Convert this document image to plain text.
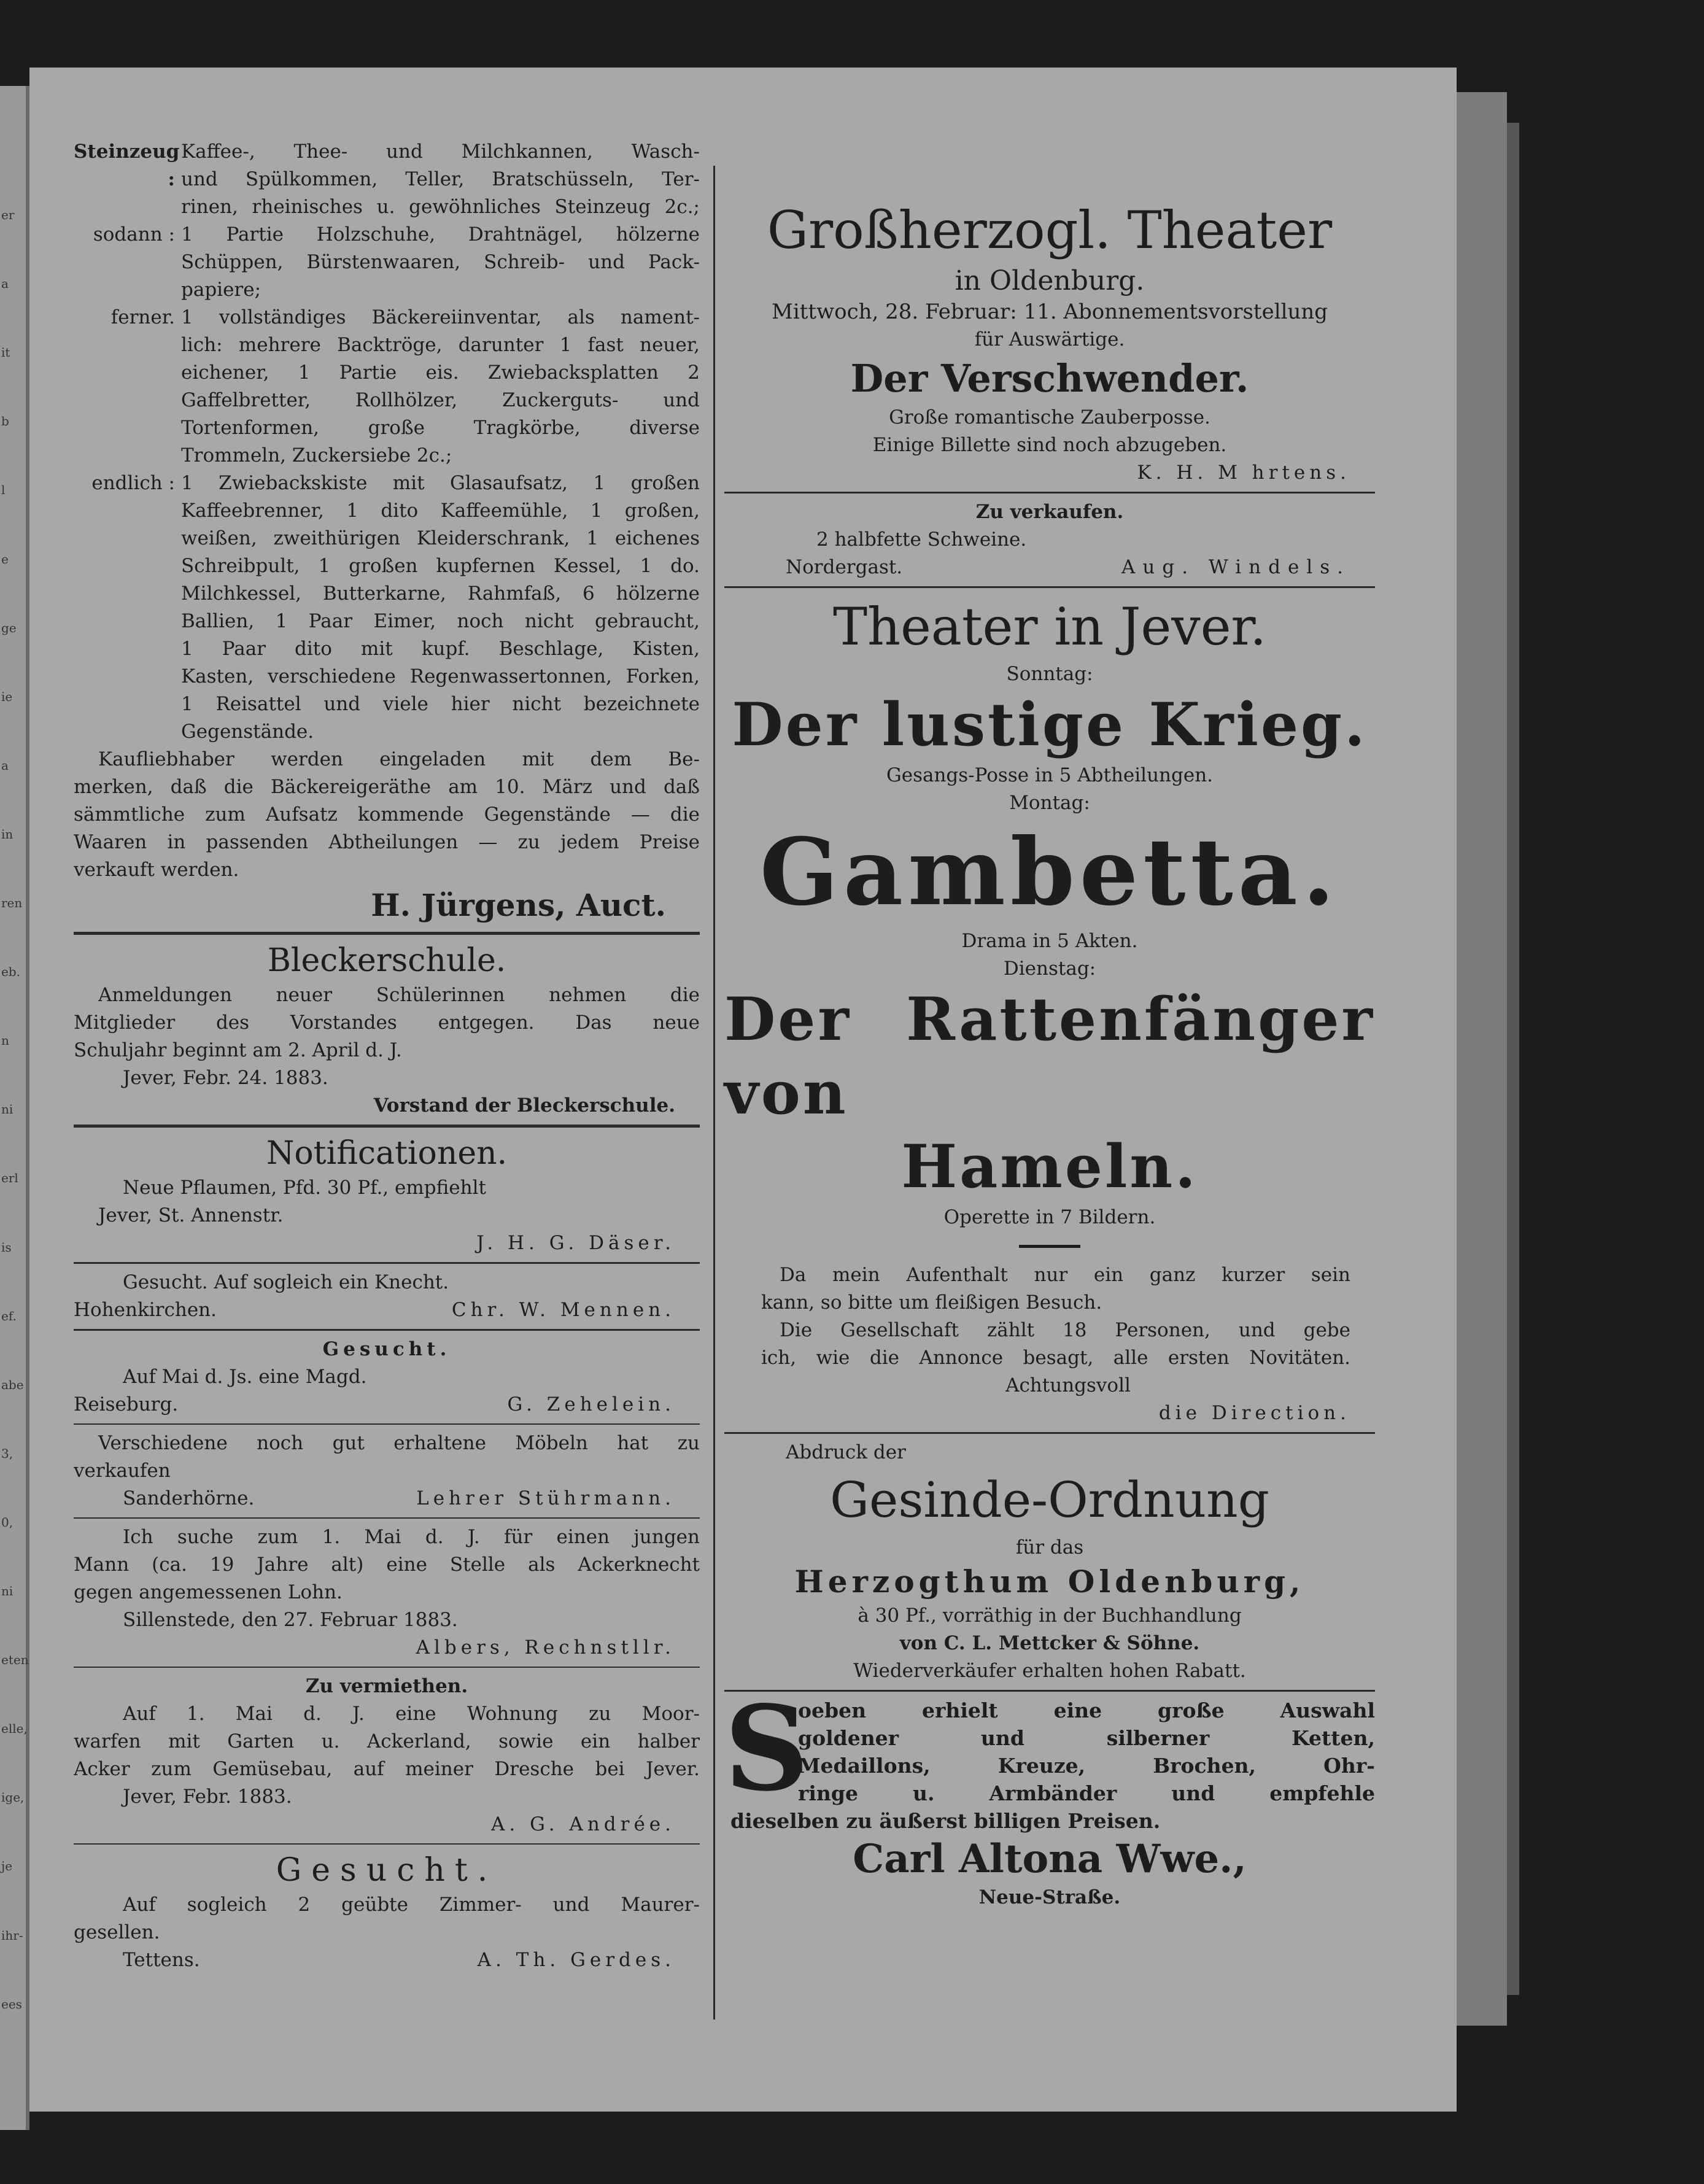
er
a
it
b
l
e
ge
ie
a
in
ren
eb.
n
ni
erl
is
ef.
abe
3,
0,
ni
eten
elle,
ige,
je
ihr-
ees
Steinzeug :
Kaffee-, Thee- und Milchkannen, Wasch-
und Spülkommen, Teller, Bratschüsseln, Ter-
rinen, rheinisches u. gewöhnliches Steinzeug 2c.;
sodann : 1 Partie Holzschuhe, Drahtnägel, hölzerne
Schüppen, Bürstenwaaren, Schreib- und Pack-
papiere;
ferner. 1 vollständiges Bäckereiinventar, als nament-
lich: mehrere Backtröge, darunter 1 fast neuer,
eichener, 1 Partie eis. Zwiebacksplatten 2
Gaffelbretter, Rollhölzer, Zuckerguts- und
Tortenformen, große Tragkörbe, diverse
Trommeln, Zuckersiebe 2c.;
endlich : 1 Zwiebackskiste mit Glasaufsatz, 1 großen
Kaffeebrenner, 1 dito Kaffeemühle, 1 großen,
weißen, zweithürigen Kleiderschrank, 1 eichenes
Schreibpult, 1 großen kupfernen Kessel, 1 do.
Milchkessel, Butterkarne, Rahmfaß, 6 hölzerne
Ballien, 1 Paar Eimer, noch nicht gebraucht,
1 Paar dito mit kupf. Beschlage, Kisten,
Kasten, verschiedene Regenwassertonnen, Forken,
1 Reisattel und viele hier nicht bezeichnete
Gegenstände.
Kaufliebhaber werden eingeladen mit dem Be-
merken, daß die Bäckereigeräthe am 10. März und daß
sämmtliche zum Aufsatz kommende Gegenstände — die
Waaren in passenden Abtheilungen — zu jedem Preise
verkauft werden.
H. Jürgens, Auct.
Bleckerschule.
Anmeldungen neuer Schülerinnen nehmen die
Mitglieder des Vorstandes entgegen. Das neue
Schuljahr beginnt am 2. April d. J.
Jever, Febr. 24. 1883.
Vorstand der Bleckerschule.
Notificationen.
Neue Pflaumen, Pfd. 30 Pf., empfiehlt
Jever, St. Annenstr.
J. H. G. Däser.
Gesucht. Auf sogleich ein Knecht.
Hohenkirchen.	Chr. W. Mennen.
Gesucht.
Auf Mai d. Js. eine Magd.
Reiseburg.	G. Zehelein.
Verschiedene noch gut erhaltene Möbeln hat zu
verkaufen
Sanderhörne.	Lehrer Stührmann.
Ich suche zum 1. Mai d. J. für einen jungen
Mann (ca. 19 Jahre alt) eine Stelle als Ackerknecht
gegen angemessenen Lohn.
Sillenstede, den 27. Februar 1883.
Albers, Rechnstllr.
Zu vermiethen.
Auf 1. Mai d. J. eine Wohnung zu Moor-
warfen mit Garten u. Ackerland, sowie ein halber
Acker zum Gemüsebau, auf meiner Dresche bei Jever.
Jever, Febr. 1883.
A. G. Andrée.
Gesucht.
Auf sogleich 2 geübte Zimmer- und Maurer-
gesellen.
Tettens.	A. Th. Gerdes.
Großherzogl. Theater
in Oldenburg.
Mittwoch, 28. Februar: 11. Abonnementsvorstellung
für Auswärtige.
Der Verschwender.
Große romantische Zauberposse.
Einige Billette sind noch abzugeben.
K. H. M hrtens.
Zu verkaufen.
2 halbfette Schweine.
Nordergast.	Aug. Windels.
Theater in Jever.
Sonntag:
Der lustige Krieg.
Gesangs-Posse in 5 Abtheilungen.
Montag:
Gambetta.
Drama in 5 Akten.
Dienstag:
Der Rattenfänger von
Hameln.
Operette in 7 Bildern.
Da mein Aufenthalt nur ein ganz kurzer sein
kann, so bitte um fleißigen Besuch.
Die Gesellschaft zählt 18 Personen, und gebe
ich, wie die Annonce besagt, alle ersten Novitäten.
Achtungsvoll
die Direction.
Abdruck der
Gesinde-Ordnung
für das
Herzogthum Oldenburg,
à 30 Pf., vorräthig in der Buchhandlung
von C. L. Mettcker & Söhne.
Wiederverkäufer erhalten hohen Rabatt.
S
oeben erhielt eine große Auswahl
goldener und silberner Ketten,
Medaillons, Kreuze, Brochen, Ohr-
ringe u. Armbänder und empfehle
dieselben zu äußerst billigen Preisen.
Carl Altona Wwe.,
Neue-Straße.
